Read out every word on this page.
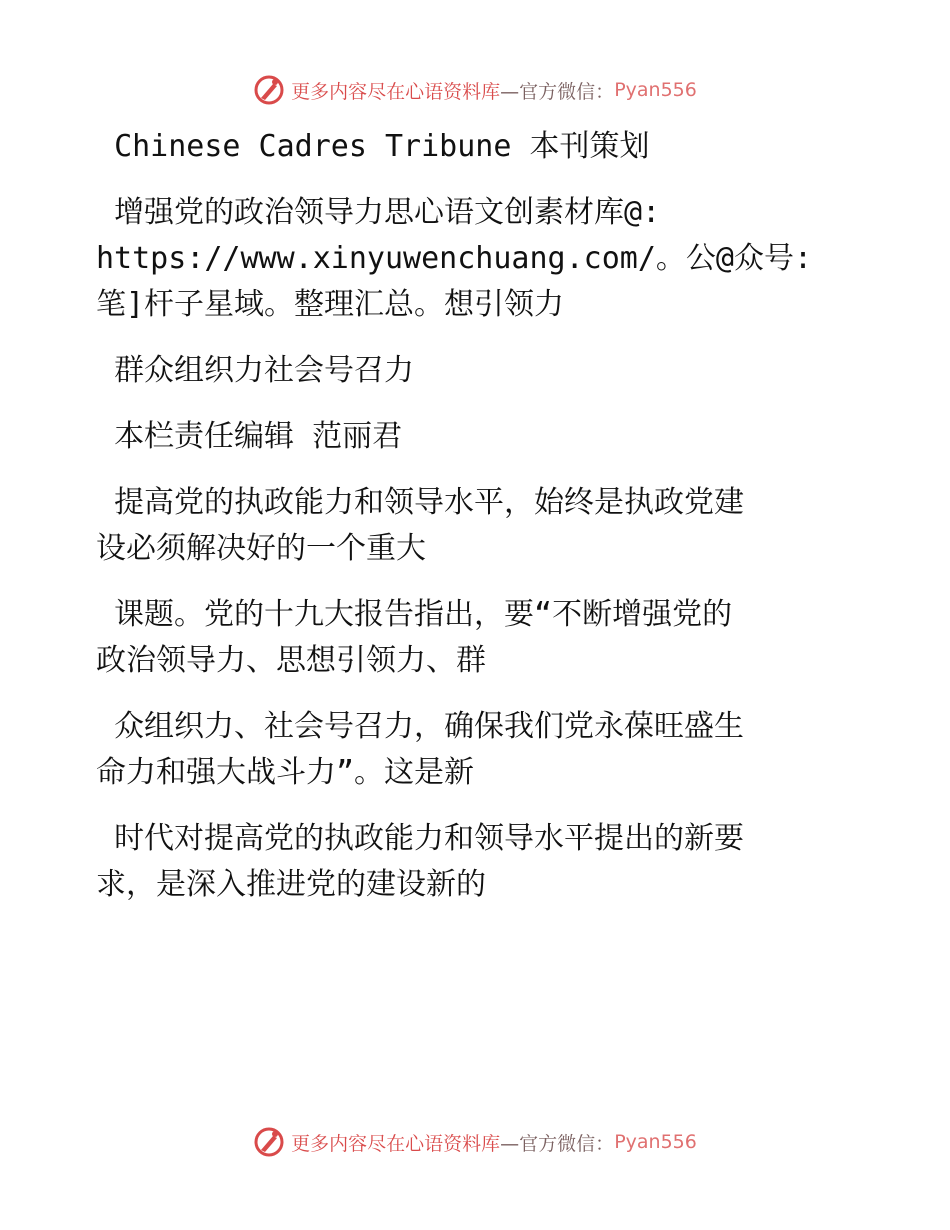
更多内容尽在心语资料库 —官方微信： Pyan556

Chinese Cadres Tribune 本刊策划

增强党的政治领导力思心语文创素材库@:
https://www.xinyuwenchuang.com/。公@众号:
笔]杆子星域。整理汇总。想引领力

群众组织力社会号召力

本栏责任编辑 范丽君

提高党的执政能力和领导水平，始终是执政党建
设必须解决好的一个重大

课题。党的十九大报告指出，要“不断增强党的
政治领导力、思想引领力、群

众组织力、社会号召力，确保我们党永葆旺盛生
命力和强大战斗力”。这是新

时代对提高党的执政能力和领导水平提出的新要
求，是深入推进党的建设新的

更多内容尽在心语资料库 —官方微信： Pyan556
